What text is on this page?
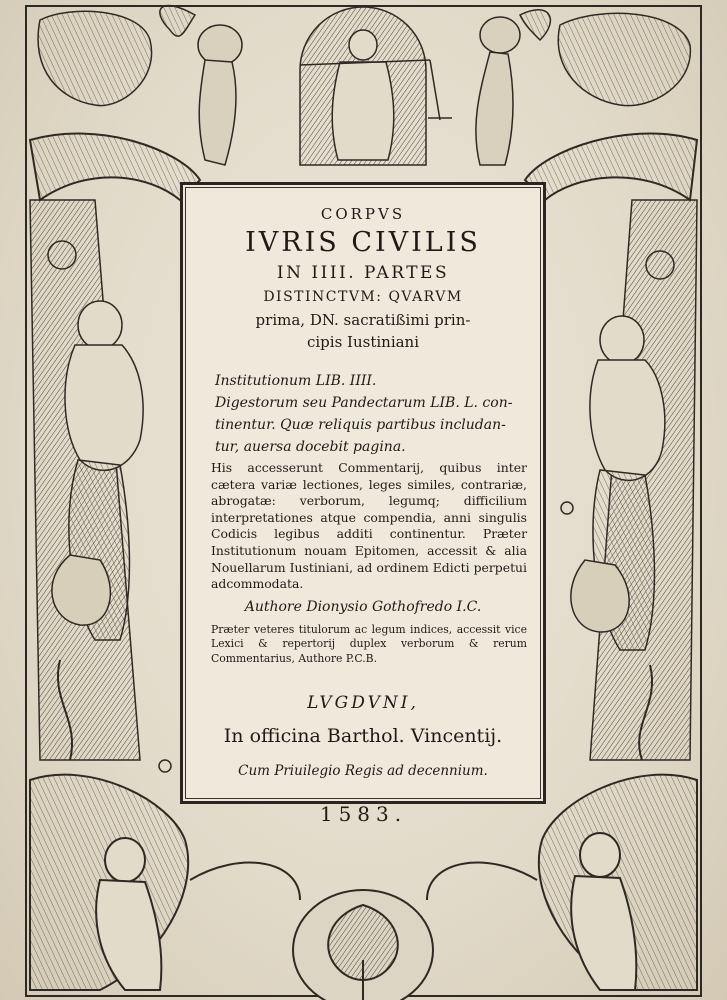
CORPVS
IVRIS CIVILIS
IN IIII. PARTES
DISTINCTVM: QVARVM
prima, DN. sacratißimi prin-
cipis Iustiniani
Institutionum LIB. IIII.
Digestorum seu Pandectarum LIB. L. con-
tinentur. Quæ reliquis partibus includan-
tur, auersa docebit pagina.
His accesserunt Commentarij, quibus inter cætera variæ lectiones, leges similes, contrariæ, abrogatæ: verborum, legumq; difficilium interpretationes atque compendia, anni singulis Codicis legibus additi continentur. Præter Institutionum nouam Epitomen, accessit & alia Nouellarum Iustiniani, ad ordinem Edicti perpetui adcommodata.
Authore Dionysio Gothofredo I.C.
Præter veteres titulorum ac legum indices, accessit vice Lexici & repertorij duplex verborum & rerum Commentarius, Authore P.C.B.
LVGDVNI,
In officina Barthol. Vincentij.
Cum Priuilegio Regis ad decennium.
1583.
